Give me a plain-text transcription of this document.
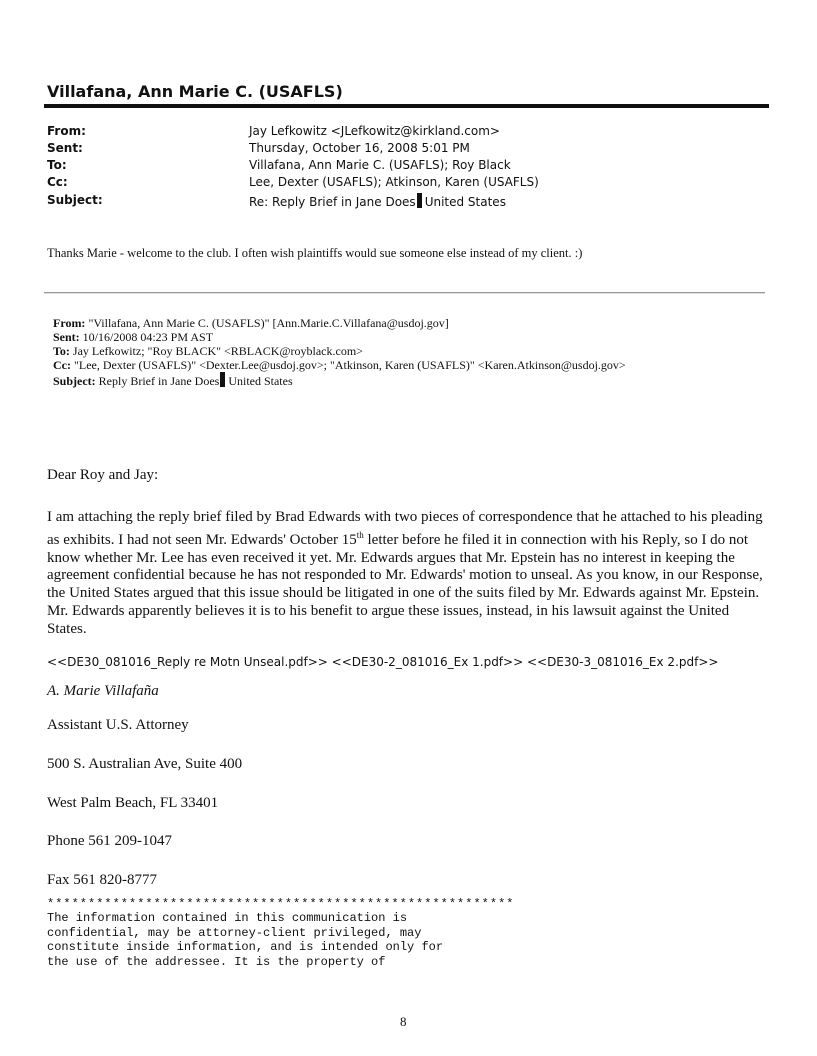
Villafana, Ann Marie C. (USAFLS)
From:	Jay Lefkowitz <JLefkowitz@kirkland.com>
Sent:	Thursday, October 16, 2008 5:01 PM
To:	Villafana, Ann Marie C. (USAFLS); Roy Black
Cc:	Lee, Dexter (USAFLS); Atkinson, Karen (USAFLS)
Subject:	Re: Reply Brief in Jane Does United States
Thanks Marie - welcome to the club. I often wish plaintiffs would sue someone else instead of my client. :)
From: "Villafana, Ann Marie C. (USAFLS)" [Ann.Marie.C.Villafana@usdoj.gov]
Sent: 10/16/2008 04:23 PM AST
To: Jay Lefkowitz; "Roy BLACK" <RBLACK@royblack.com>
Cc: "Lee, Dexter (USAFLS)" <Dexter.Lee@usdoj.gov>; "Atkinson, Karen (USAFLS)" <Karen.Atkinson@usdoj.gov>
Subject: Reply Brief in Jane Does United States
Dear Roy and Jay:
I am attaching the reply brief filed by Brad Edwards with two pieces of correspondence that he attached to his pleading as exhibits. I had not seen Mr. Edwards' October 15th letter before he filed it in connection with his Reply, so I do not know whether Mr. Lee has even received it yet. Mr. Edwards argues that Mr. Epstein has no interest in keeping the agreement confidential because he has not responded to Mr. Edwards' motion to unseal. As you know, in our Response, the United States argued that this issue should be litigated in one of the suits filed by Mr. Edwards against Mr. Epstein. Mr. Edwards apparently believes it is to his benefit to argue these issues, instead, in his lawsuit against the United States.
<<DE30_081016_Reply re Motn Unseal.pdf>> <<DE30-2_081016_Ex 1.pdf>> <<DE30-3_081016_Ex 2.pdf>>
A. Marie Villafaña
Assistant U.S. Attorney
500 S. Australian Ave, Suite 400
West Palm Beach, FL 33401
Phone 561 209-1047
Fax 561 820-8777
*********************************************************
The information contained in this communication is
confidential, may be attorney-client privileged, may
constitute inside information, and is intended only for
the use of the addressee. It is the property of
8
